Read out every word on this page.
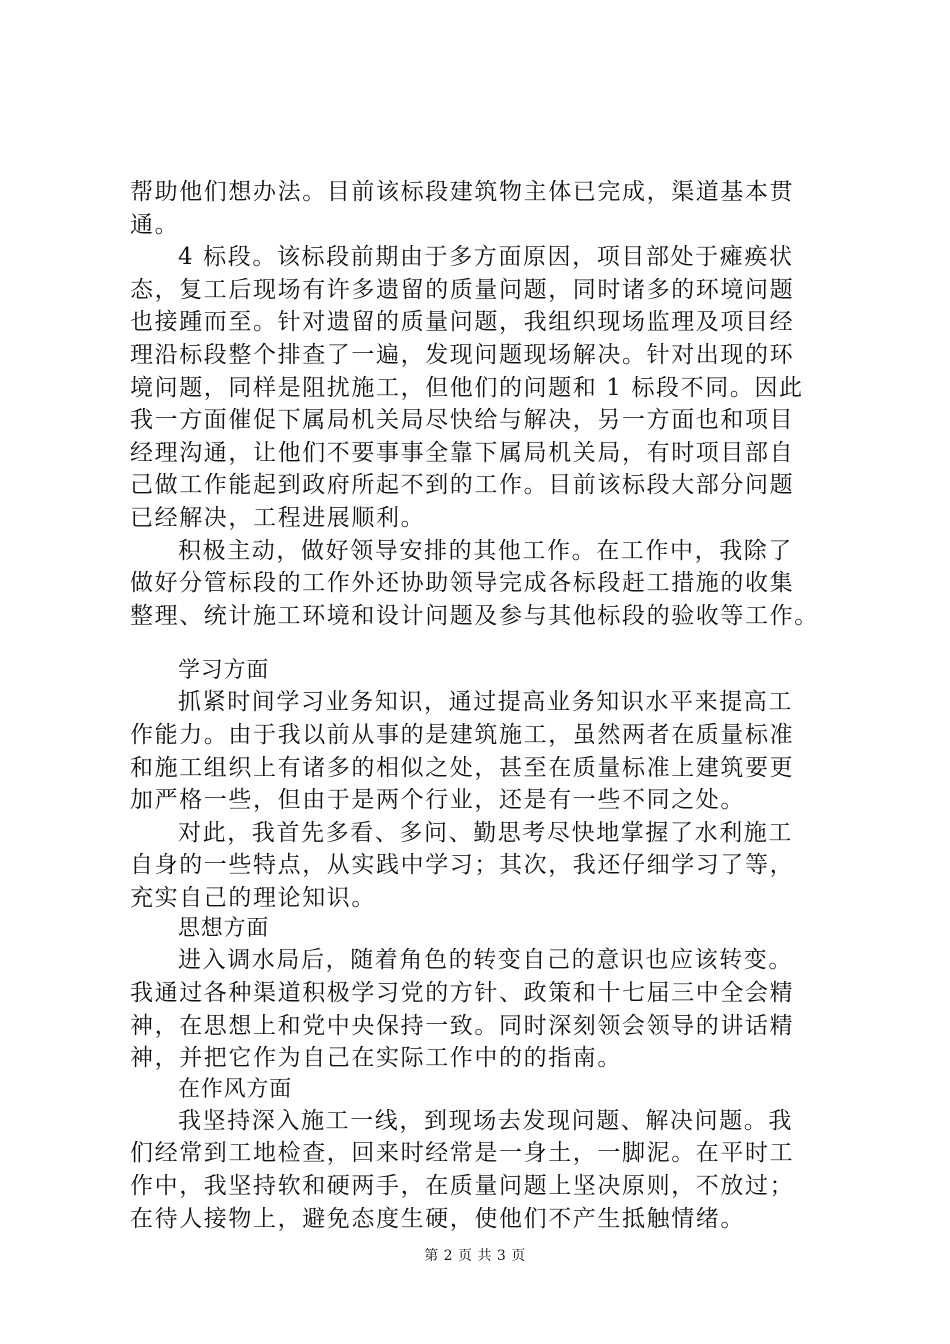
帮助他们想办法。目前该标段建筑物主体已完成，渠道基本贯
通。
4 标段。该标段前期由于多方面原因，项目部处于瘫痪状
态，复工后现场有许多遗留的质量问题，同时诸多的环境问题
也接踵而至。针对遗留的质量问题，我组织现场监理及项目经
理沿标段整个排查了一遍，发现问题现场解决。针对出现的环
境问题，同样是阻扰施工，但他们的问题和 1 标段不同。因此
我一方面催促下属局机关局尽快给与解决，另一方面也和项目
经理沟通，让他们不要事事全靠下属局机关局，有时项目部自
己做工作能起到政府所起不到的工作。目前该标段大部分问题
已经解决，工程进展顺利。
积极主动，做好领导安排的其他工作。在工作中，我除了
做好分管标段的工作外还协助领导完成各标段赶工措施的收集
整理、统计施工环境和设计问题及参与其他标段的验收等工作。
学习方面
抓紧时间学习业务知识，通过提高业务知识水平来提高工
作能力。由于我以前从事的是建筑施工，虽然两者在质量标准
和施工组织上有诸多的相似之处，甚至在质量标准上建筑要更
加严格一些，但由于是两个行业，还是有一些不同之处。
对此，我首先多看、多问、勤思考尽快地掌握了水利施工
自身的一些特点，从实践中学习；其次，我还仔细学习了等，
充实自己的理论知识。
思想方面
进入调水局后，随着角色的转变自己的意识也应该转变。
我通过各种渠道积极学习党的方针、政策和十七届三中全会精
神，在思想上和党中央保持一致。同时深刻领会领导的讲话精
神，并把它作为自己在实际工作中的的指南。
在作风方面
我坚持深入施工一线，到现场去发现问题、解决问题。我
们经常到工地检查，回来时经常是一身土，一脚泥。在平时工
作中，我坚持软和硬两手，在质量问题上坚决原则，不放过；
在待人接物上，避免态度生硬，使他们不产生抵触情绪。
第 2 页 共 3 页
